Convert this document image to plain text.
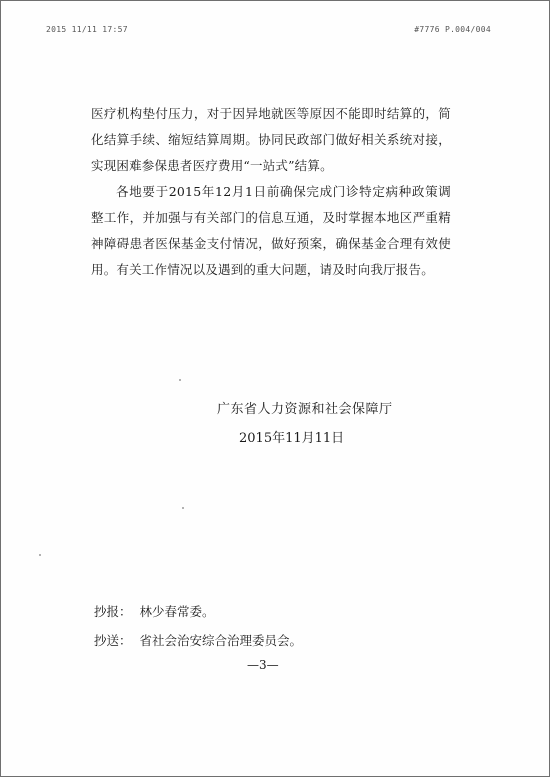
2015 11/11 17:57	#7776 P.004/004

医疗机构垫付压力，对于因异地就医等原因不能即时结算的，简化结算手续、缩短结算周期。协同民政部门做好相关系统对接，实现困难参保患者医疗费用“一站式”结算。

各地要于2015年12月1日前确保完成门诊特定病种政策调整工作，并加强与有关部门的信息互通，及时掌握本地区严重精神障碍患者医保基金支付情况，做好预案，确保基金合理有效使用。有关工作情况以及遇到的重大问题，请及时向我厅报告。

广东省人力资源和社会保障厅

2015年11月11日

抄报： 林少春常委。

抄送： 省社会治安综合治理委员会。

—3—
